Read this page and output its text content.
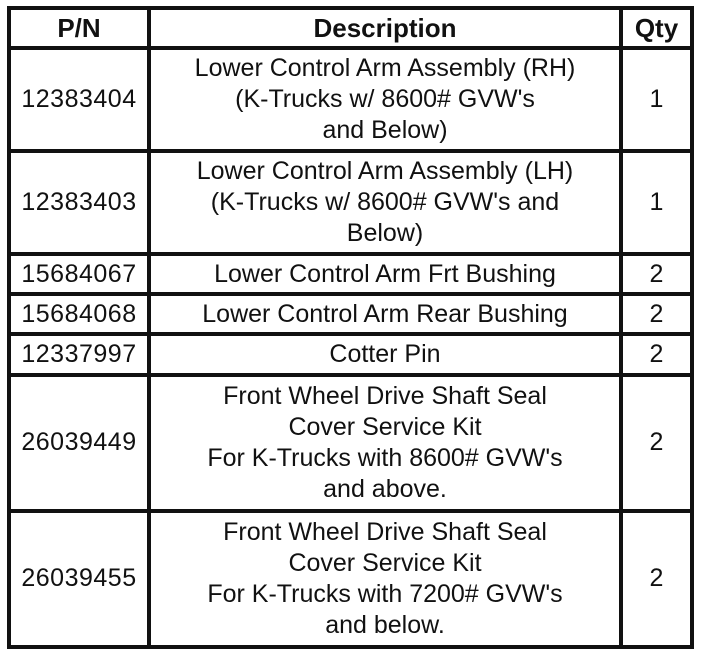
P/N	Description	Qty
12383404	Lower Control Arm Assembly (RH)
(K-Trucks w/ 8600# GVW's
and Below)	1
12383403	Lower Control Arm Assembly (LH)
(K-Trucks w/ 8600# GVW's and
Below)	1
15684067	Lower Control Arm Frt Bushing	2
15684068	Lower Control Arm Rear Bushing	2
12337997	Cotter Pin	2
26039449	Front Wheel Drive Shaft Seal
Cover Service Kit
For K-Trucks with 8600# GVW's
and above.	2
26039455	Front Wheel Drive Shaft Seal
Cover Service Kit
For K-Trucks with 7200# GVW's
and below.	2
